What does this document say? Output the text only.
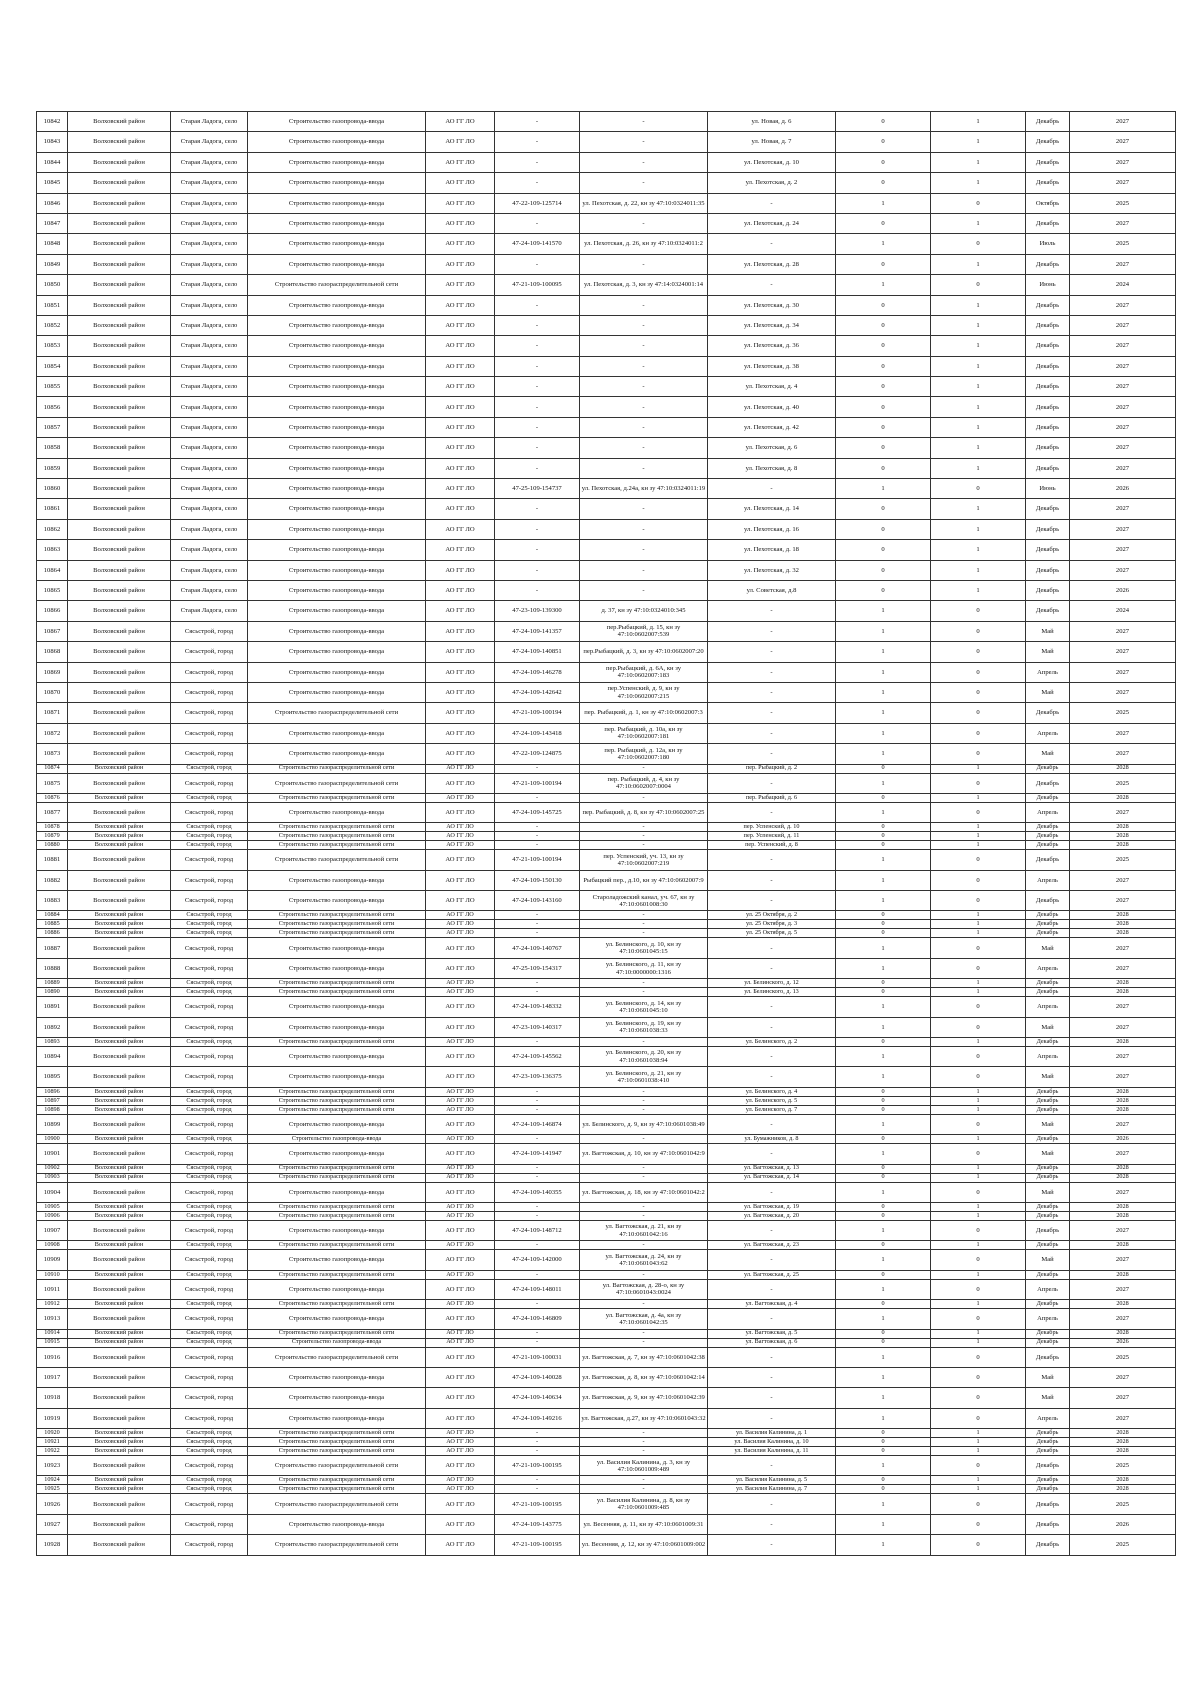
10842	Волховский район	Старая Ладога, село	Строительство газопровода-ввода	АО ГГ ЛО	-	-	ул. Новая, д. 6	0	1	Декабрь	2027
10843	Волховский район	Старая Ладога, село	Строительство газопровода-ввода	АО ГГ ЛО	-	-	ул. Новая, д. 7	0	1	Декабрь	2027
10844	Волховский район	Старая Ладога, село	Строительство газопровода-ввода	АО ГГ ЛО	-	-	ул. Пехотская, д. 10	0	1	Декабрь	2027
10845	Волховский район	Старая Ладога, село	Строительство газопровода-ввода	АО ГГ ЛО	-	-	ул. Пехотская, д. 2	0	1	Декабрь	2027
10846	Волховский район	Старая Ладога, село	Строительство газопровода-ввода	АО ГГ ЛО	47-22-109-125714	ул. Пехотская, д. 22, кн зу 47:10:0324011:35	-	1	0	Октябрь	2025
10847	Волховский район	Старая Ладога, село	Строительство газопровода-ввода	АО ГГ ЛО	-	-	ул. Пехотская, д. 24	0	1	Декабрь	2027
10848	Волховский район	Старая Ладога, село	Строительство газопровода-ввода	АО ГГ ЛО	47-24-109-141570	ул. Пехотская, д. 26, кн зу 47:10:0324011:2	-	1	0	Июль	2025
10849	Волховский район	Старая Ладога, село	Строительство газопровода-ввода	АО ГГ ЛО	-	-	ул. Пехотская, д. 28	0	1	Декабрь	2027
10850	Волховский район	Старая Ладога, село	Строительство газораспределительной сети	АО ГГ ЛО	47-21-109-100095	ул. Пехотская, д. 3, кн зу 47:14:0324001:14	-	1	0	Июнь	2024
10851	Волховский район	Старая Ладога, село	Строительство газопровода-ввода	АО ГГ ЛО	-	-	ул. Пехотская, д. 30	0	1	Декабрь	2027
10852	Волховский район	Старая Ладога, село	Строительство газопровода-ввода	АО ГГ ЛО	-	-	ул. Пехотская, д. 34	0	1	Декабрь	2027
10853	Волховский район	Старая Ладога, село	Строительство газопровода-ввода	АО ГГ ЛО	-	-	ул. Пехотская, д. 36	0	1	Декабрь	2027
10854	Волховский район	Старая Ладога, село	Строительство газопровода-ввода	АО ГГ ЛО	-	-	ул. Пехотская, д. 38	0	1	Декабрь	2027
10855	Волховский район	Старая Ладога, село	Строительство газопровода-ввода	АО ГГ ЛО	-	-	ул. Пехотская, д. 4	0	1	Декабрь	2027
10856	Волховский район	Старая Ладога, село	Строительство газопровода-ввода	АО ГГ ЛО	-	-	ул. Пехотская, д. 40	0	1	Декабрь	2027
10857	Волховский район	Старая Ладога, село	Строительство газопровода-ввода	АО ГГ ЛО	-	-	ул. Пехотская, д. 42	0	1	Декабрь	2027
10858	Волховский район	Старая Ладога, село	Строительство газопровода-ввода	АО ГГ ЛО	-	-	ул. Пехотская, д. 6	0	1	Декабрь	2027
10859	Волховский район	Старая Ладога, село	Строительство газопровода-ввода	АО ГГ ЛО	-	-	ул. Пехотская, д. 8	0	1	Декабрь	2027
10860	Волховский район	Старая Ладога, село	Строительство газопровода-ввода	АО ГГ ЛО	47-25-109-154737	ул. Пехотская, д.24а, кн зу 47:10:0324011:19	-	1	0	Июнь	2026
10861	Волховский район	Старая Ладога, село	Строительство газопровода-ввода	АО ГГ ЛО	-	-	ул. Пехотская, д. 14	0	1	Декабрь	2027
10862	Волховский район	Старая Ладога, село	Строительство газопровода-ввода	АО ГГ ЛО	-	-	ул. Пехотская, д. 16	0	1	Декабрь	2027
10863	Волховский район	Старая Ладога, село	Строительство газопровода-ввода	АО ГГ ЛО	-	-	ул. Пехотская, д. 18	0	1	Декабрь	2027
10864	Волховский район	Старая Ладога, село	Строительство газопровода-ввода	АО ГГ ЛО	-	-	ул. Пехотская, д. 32	0	1	Декабрь	2027
10865	Волховский район	Старая Ладога, село	Строительство газопровода-ввода	АО ГГ ЛО	-	-	ул. Советская, д.8	0	1	Декабрь	2026
10866	Волховский район	Старая Ладога, село	Строительство газопровода-ввода	АО ГГ ЛО	47-23-109-139300	д. 37, кн зу 47:10:0324010:345	-	1	0	Декабрь	2024
10867	Волховский район	Сясьстрой, город	Строительство газопровода-ввода	АО ГГ ЛО	47-24-109-141357	пер.Рыбацкий, д. 15, кн зу 47:10:0602007:539	-	1	0	Май	2027
10868	Волховский район	Сясьстрой, город	Строительство газопровода-ввода	АО ГГ ЛО	47-24-109-140851	пер.Рыбацкий, д. 3, кн зу 47:10:0602007:20	-	1	0	Май	2027
10869	Волховский район	Сясьстрой, город	Строительство газопровода-ввода	АО ГГ ЛО	47-24-109-146278	пер.Рыбацкий, д. 6А, кн зу 47:10:0602007:183	-	1	0	Апрель	2027
10870	Волховский район	Сясьстрой, город	Строительство газопровода-ввода	АО ГГ ЛО	47-24-109-142642	пер.Успенский, д. 9, кн зу 47:10:0602007:215	-	1	0	Май	2027
10871	Волховский район	Сясьстрой, город	Строительство газораспределительной сети	АО ГГ ЛО	47-21-109-100194	пер. Рыбацкий, д. 1, кн зу 47:10:0602007:3	-	1	0	Декабрь	2025
10872	Волховский район	Сясьстрой, город	Строительство газопровода-ввода	АО ГГ ЛО	47-24-109-143418	пер. Рыбацкий, д. 10а, кн зу 47:10:0602007:181	-	1	0	Апрель	2027
10873	Волховский район	Сясьстрой, город	Строительство газопровода-ввода	АО ГГ ЛО	47-22-109-124875	пер. Рыбацкий, д. 12а, кн зу 47:10:0602007:180	-	1	0	Май	2027
10874	Волховский район	Сясьстрой, город	Строительство газораспределительной сети	АО ГГ ЛО	-	-	пер. Рыбацкий, д. 2	0	1	Декабрь	2028
10875	Волховский район	Сясьстрой, город	Строительство газораспределительной сети	АО ГГ ЛО	47-21-109-100194	пер. Рыбацкий, д. 4, кн зу 47:10:0602007:0004	-	1	0	Декабрь	2025
10876	Волховский район	Сясьстрой, город	Строительство газораспределительной сети	АО ГГ ЛО	-	-	пер. Рыбацкий, д. 6	0	1	Декабрь	2028
10877	Волховский район	Сясьстрой, город	Строительство газопровода-ввода	АО ГГ ЛО	47-24-109-145725	пер. Рыбацкий, д. 8, кн зу 47:10:0602007:25	-	1	0	Апрель	2027
10878	Волховский район	Сясьстрой, город	Строительство газораспределительной сети	АО ГГ ЛО	-	-	пер. Успенский, д. 10	0	1	Декабрь	2028
10879	Волховский район	Сясьстрой, город	Строительство газораспределительной сети	АО ГГ ЛО	-	-	пер. Успенский, д. 11	0	1	Декабрь	2028
10880	Волховский район	Сясьстрой, город	Строительство газораспределительной сети	АО ГГ ЛО	-	-	пер. Успенский, д. 8	0	1	Декабрь	2028
10881	Волховский район	Сясьстрой, город	Строительство газораспределительной сети	АО ГГ ЛО	47-21-109-100194	пер. Успенский, уч. 13, кн зу 47:10:0602007:219	-	1	0	Декабрь	2025
10882	Волховский район	Сясьстрой, город	Строительство газопровода-ввода	АО ГГ ЛО	47-24-109-150130	Рыбацкий пер., д.10, кн зу 47:10:0602007:9	-	1	0	Апрель	2027
10883	Волховский район	Сясьстрой, город	Строительство газопровода-ввода	АО ГГ ЛО	47-24-109-143160	Староладожский канал, уч. 67, кн зу 47:10:0601008:30	-	1	0	Декабрь	2027
10884	Волховский район	Сясьстрой, город	Строительство газораспределительной сети	АО ГГ ЛО	-	-	ул. 25 Октября, д. 2	0	1	Декабрь	2028
10885	Волховский район	Сясьстрой, город	Строительство газораспределительной сети	АО ГГ ЛО	-	-	ул. 25 Октября, д. 3	0	1	Декабрь	2028
10886	Волховский район	Сясьстрой, город	Строительство газораспределительной сети	АО ГГ ЛО	-	-	ул. 25 Октября, д. 5	0	1	Декабрь	2028
10887	Волховский район	Сясьстрой, город	Строительство газопровода-ввода	АО ГГ ЛО	47-24-109-140767	ул. Белинского, д. 10, кн зу 47:10:0601045:15	-	1	0	Май	2027
10888	Волховский район	Сясьстрой, город	Строительство газопровода-ввода	АО ГГ ЛО	47-25-109-154317	ул. Белинского, д. 11, кн зу 47:10:0000000:1316	-	1	0	Апрель	2027
10889	Волховский район	Сясьстрой, город	Строительство газораспределительной сети	АО ГГ ЛО	-	-	ул. Белинского, д. 12	0	1	Декабрь	2028
10890	Волховский район	Сясьстрой, город	Строительство газораспределительной сети	АО ГГ ЛО	-	-	ул. Белинского, д. 13	0	1	Декабрь	2028
10891	Волховский район	Сясьстрой, город	Строительство газопровода-ввода	АО ГГ ЛО	47-24-109-148332	ул. Белинского, д. 14, кн зу 47:10:0601045:10	-	1	0	Апрель	2027
10892	Волховский район	Сясьстрой, город	Строительство газопровода-ввода	АО ГГ ЛО	47-23-109-140317	ул. Белинского, д. 19, кн зу 47:10:0601038:33	-	1	0	Май	2027
10893	Волховский район	Сясьстрой, город	Строительство газораспределительной сети	АО ГГ ЛО	-	-	ул. Белинского, д. 2	0	1	Декабрь	2028
10894	Волховский район	Сясьстрой, город	Строительство газопровода-ввода	АО ГГ ЛО	47-24-109-145562	ул. Белинского, д. 20, кн зу 47:10:0601038:94	-	1	0	Апрель	2027
10895	Волховский район	Сясьстрой, город	Строительство газопровода-ввода	АО ГГ ЛО	47-23-109-136375	ул. Белинского, д. 21, кн зу 47:10:0601038:410	-	1	0	Май	2027
10896	Волховский район	Сясьстрой, город	Строительство газораспределительной сети	АО ГГ ЛО	-	-	ул. Белинского, д. 4	0	1	Декабрь	2028
10897	Волховский район	Сясьстрой, город	Строительство газораспределительной сети	АО ГГ ЛО	-	-	ул. Белинского, д. 5	0	1	Декабрь	2028
10898	Волховский район	Сясьстрой, город	Строительство газораспределительной сети	АО ГГ ЛО	-	-	ул. Белинского, д. 7	0	1	Декабрь	2028
10899	Волховский район	Сясьстрой, город	Строительство газопровода-ввода	АО ГГ ЛО	47-24-109-146874	ул. Белинского, д. 9, кн зу 47:10:0601038:49	-	1	0	Май	2027
10900	Волховский район	Сясьстрой, город	Строительство газопровода-ввода	АО ГГ ЛО	-	-	ул. Бумажников, д. 8	0	1	Декабрь	2026
10901	Волховский район	Сясьстрой, город	Строительство газопровода-ввода	АО ГГ ЛО	47-24-109-141947	ул. Вагтожская, д. 10, кн зу 47:10:0601042:9	-	1	0	Май	2027
10902	Волховский район	Сясьстрой, город	Строительство газораспределительной сети	АО ГГ ЛО	-	-	ул. Вагтожская, д. 13	0	1	Декабрь	2028
10903	Волховский район	Сясьстрой, город	Строительство газораспределительной сети	АО ГГ ЛО	-	-	ул. Вагтожская, д. 14	0	1	Декабрь	2028
10904	Волховский район	Сясьстрой, город	Строительство газопровода-ввода	АО ГГ ЛО	47-24-109-140355	ул. Вагтожская, д. 18, кн зу 47:10:0601042:2	-	1	0	Май	2027
10905	Волховский район	Сясьстрой, город	Строительство газораспределительной сети	АО ГГ ЛО	-	-	ул. Вагтожская, д. 19	0	1	Декабрь	2028
10906	Волховский район	Сясьстрой, город	Строительство газораспределительной сети	АО ГГ ЛО	-	-	ул. Вагтожская, д. 20	0	1	Декабрь	2028
10907	Волховский район	Сясьстрой, город	Строительство газопровода-ввода	АО ГГ ЛО	47-24-109-148712	ул. Вагтожская, д. 21, кн зу 47:10:0601042:16	-	1	0	Декабрь	2027
10908	Волховский район	Сясьстрой, город	Строительство газораспределительной сети	АО ГГ ЛО	-	-	ул. Вагтожская, д. 23	0	1	Декабрь	2028
10909	Волховский район	Сясьстрой, город	Строительство газопровода-ввода	АО ГГ ЛО	47-24-109-142000	ул. Вагтожская, д. 24, кн зу 47:10:0601043:62	-	1	0	Май	2027
10910	Волховский район	Сясьстрой, город	Строительство газораспределительной сети	АО ГГ ЛО	-	-	ул. Вагтожская, д. 25	0	1	Декабрь	2028
10911	Волховский район	Сясьстрой, город	Строительство газопровода-ввода	АО ГГ ЛО	47-24-109-148011	ул. Вагтожская, д. 28-о, кн зу 47:10:0601043:0024	-	1	0	Апрель	2027
10912	Волховский район	Сясьстрой, город	Строительство газораспределительной сети	АО ГГ ЛО	-	-	ул. Вагтожская, д. 4	0	1	Декабрь	2028
10913	Волховский район	Сясьстрой, город	Строительство газопровода-ввода	АО ГГ ЛО	47-24-109-146809	ул. Вагтожская, д. 4а, кн зу 47:10:0601042:35	-	1	0	Апрель	2027
10914	Волховский район	Сясьстрой, город	Строительство газораспределительной сети	АО ГГ ЛО	-	-	ул. Вагтожская, д. 5	0	1	Декабрь	2028
10915	Волховский район	Сясьстрой, город	Строительство газопровода-ввода	АО ГГ ЛО	-	-	ул. Вагтожская, д. 6	0	1	Декабрь	2026
10916	Волховский район	Сясьстрой, город	Строительство газораспределительной сети	АО ГГ ЛО	47-21-109-100031	ул. Вагтожская, д. 7, кн зу 47:10:0601042:38	-	1	0	Декабрь	2025
10917	Волховский район	Сясьстрой, город	Строительство газопровода-ввода	АО ГГ ЛО	47-24-109-140028	ул. Вагтожская, д. 8, кн зу 47:10:0601042:14	-	1	0	Май	2027
10918	Волховский район	Сясьстрой, город	Строительство газопровода-ввода	АО ГГ ЛО	47-24-109-140634	ул. Вагтожская, д. 9, кн зу 47:10:0601042:39	-	1	0	Май	2027
10919	Волховский район	Сясьстрой, город	Строительство газопровода-ввода	АО ГГ ЛО	47-24-109-149216	ул. Вагтожская, д.27, кн зу 47:10:0601043:32	-	1	0	Апрель	2027
10920	Волховский район	Сясьстрой, город	Строительство газораспределительной сети	АО ГГ ЛО	-	-	ул. Василия Калинина, д. 1	0	1	Декабрь	2028
10921	Волховский район	Сясьстрой, город	Строительство газораспределительной сети	АО ГГ ЛО	-	-	ул. Василия Калинина, д. 10	0	1	Декабрь	2028
10922	Волховский район	Сясьстрой, город	Строительство газораспределительной сети	АО ГГ ЛО	-	-	ул. Василия Калинина, д. 11	0	1	Декабрь	2028
10923	Волховский район	Сясьстрой, город	Строительство газораспределительной сети	АО ГГ ЛО	47-21-109-100195	ул. Василия Калинина, д. 3, кн зу 47:10:0601009:489	-	1	0	Декабрь	2025
10924	Волховский район	Сясьстрой, город	Строительство газораспределительной сети	АО ГГ ЛО	-	-	ул. Василия Калинина, д. 5	0	1	Декабрь	2028
10925	Волховский район	Сясьстрой, город	Строительство газораспределительной сети	АО ГГ ЛО	-	-	ул. Василия Калинина, д. 7	0	1	Декабрь	2028
10926	Волховский район	Сясьстрой, город	Строительство газораспределительной сети	АО ГГ ЛО	47-21-109-100195	ул. Василия Калинина, д. 8, кн зу 47:10:0601009:485	-	1	0	Декабрь	2025
10927	Волховский район	Сясьстрой, город	Строительство газопровода-ввода	АО ГГ ЛО	47-24-109-143775	ул. Весенняя, д. 11, кн зу 47:10:0601009:31	-	1	0	Декабрь	2026
10928	Волховский район	Сясьстрой, город	Строительство газораспределительной сети	АО ГГ ЛО	47-21-109-100195	ул. Весенняя, д. 12, кн зу 47:10:0601009:002	-	1	0	Декабрь	2025
